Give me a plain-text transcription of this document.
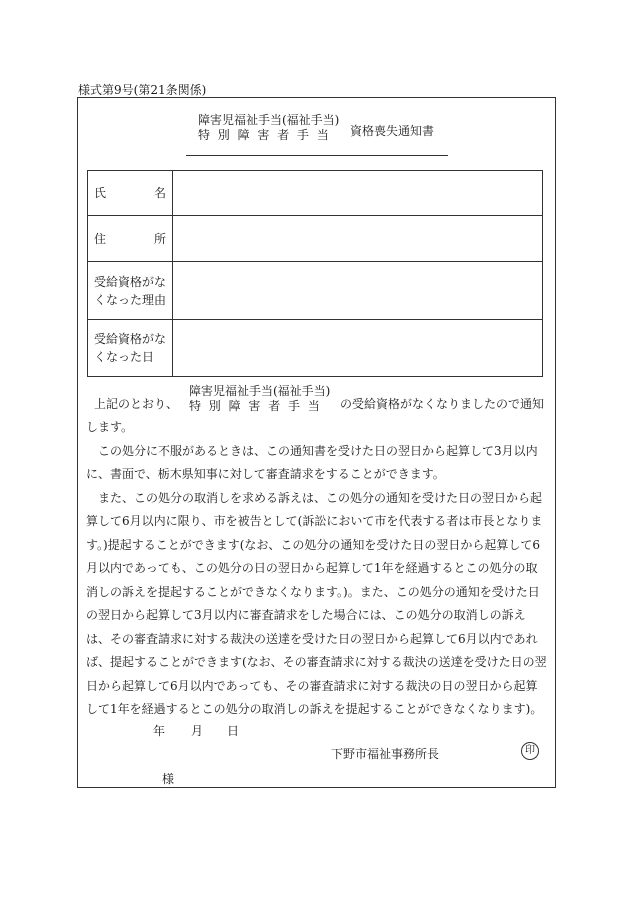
様式第9号(第21条関係)
障害児福祉手当(福祉手当)
特別障害者手当 資格喪失通知書
氏 名	

住 所	

受給資格がな
くなった理由	

受給資格がな
くなった日	

上記のとおり、
障害児福祉手当(福祉手当)
特別障害者手当 の受給資格がなくなりましたので通知
します。
この処分に不服があるときは、この通知書を受けた日の翌日から起算して3月以内に、書面で、栃木県知事に対して審査請求をすることができます。
また、この処分の取消しを求める訴えは、この処分の通知を受けた日の翌日から起算して6月以内に限り、市を被告として(訴訟において市を代表する者は市長となります。)提起することができます(なお、この処分の通知を受けた日の翌日から起算して6月以内であっても、この処分の日の翌日から起算して1年を経過するとこの処分の取消しの訴えを提起することができなくなります。)。また、この処分の通知を受けた日の翌日から起算して3月以内に審査請求をした場合には、この処分の取消しの訴えは、その審査請求に対する裁決の送達を受けた日の翌日から起算して6月以内であれば、提起することができます(なお、その審査請求に対する裁決の送達を受けた日の翌日から起算して6月以内であっても、その審査請求に対する裁決の日の翌日から起算して1年を経過するとこの処分の取消しの訴えを提起することができなくなります)。
年 月 日
下野市福祉事務所長	印
様
